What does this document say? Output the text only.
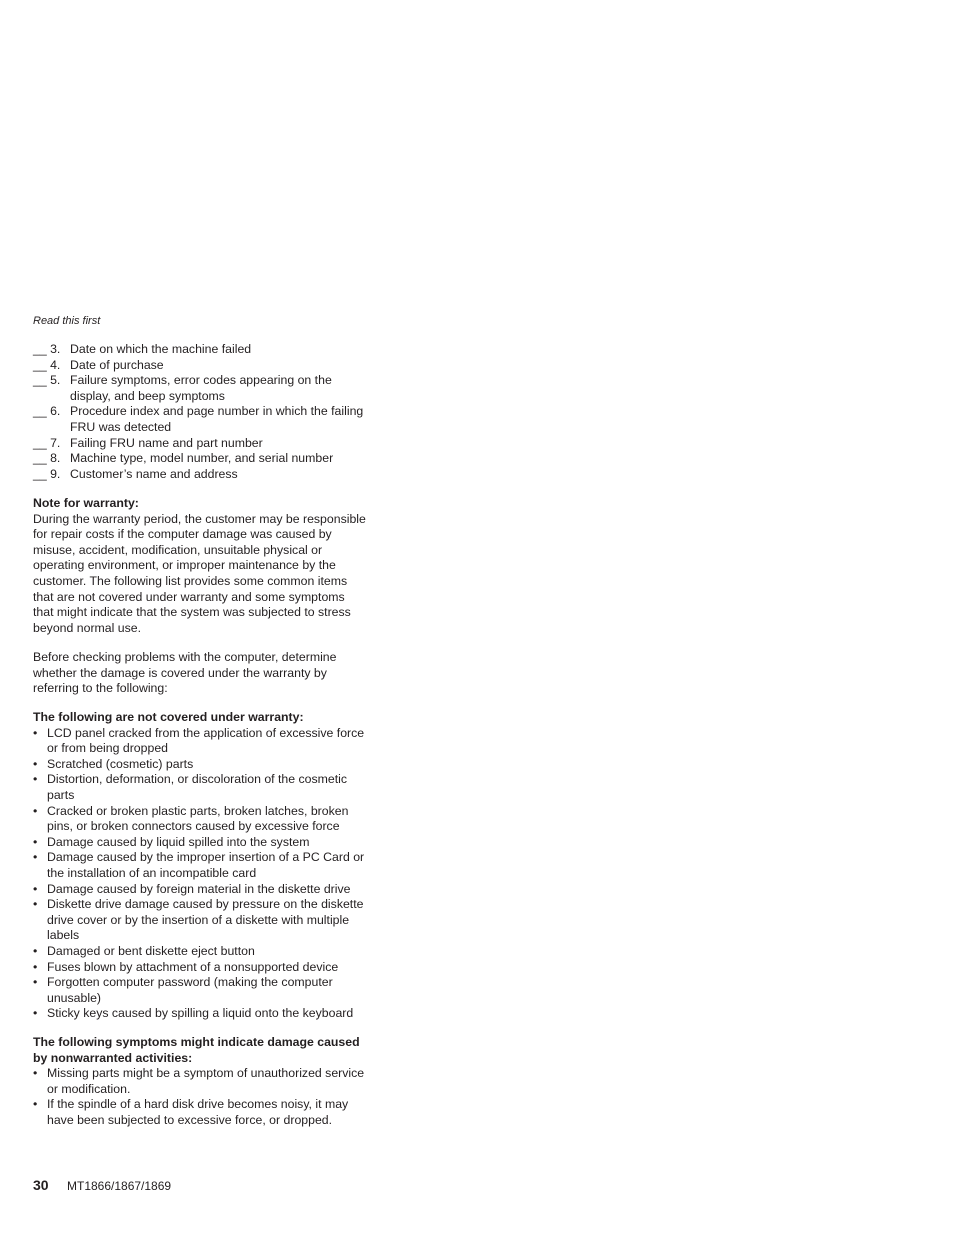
Read this first
__ 3. Date on which the machine failed
__ 4. Date of purchase
__ 5. Failure symptoms, error codes appearing on the display, and beep symptoms
__ 6. Procedure index and page number in which the failing FRU was detected
__ 7. Failing FRU name and part number
__ 8. Machine type, model number, and serial number
__ 9. Customer’s name and address
Note for warranty:

During the warranty period, the customer may be responsible for repair costs if the computer damage was caused by misuse, accident, modification, unsuitable physical or operating environment, or improper maintenance by the customer. The following list provides some common items that are not covered under warranty and some symptoms that might indicate that the system was subjected to stress beyond normal use.

Before checking problems with the computer, determine whether the damage is covered under the warranty by referring to the following:

The following are not covered under warranty:
• LCD panel cracked from the application of excessive force or from being dropped
• Scratched (cosmetic) parts
• Distortion, deformation, or discoloration of the cosmetic parts
• Cracked or broken plastic parts, broken latches, broken pins, or broken connectors caused by excessive force
• Damage caused by liquid spilled into the system
• Damage caused by the improper insertion of a PC Card or the installation of an incompatible card
• Damage caused by foreign material in the diskette drive
• Diskette drive damage caused by pressure on the diskette drive cover or by the insertion of a diskette with multiple labels
• Damaged or bent diskette eject button
• Fuses blown by attachment of a nonsupported device
• Forgotten computer password (making the computer unusable)
• Sticky keys caused by spilling a liquid onto the keyboard
The following symptoms might indicate damage caused by nonwarranted activities:
• Missing parts might be a symptom of unauthorized service or modification.
• If the spindle of a hard disk drive becomes noisy, it may have been subjected to excessive force, or dropped.
30	MT1866/1867/1869
